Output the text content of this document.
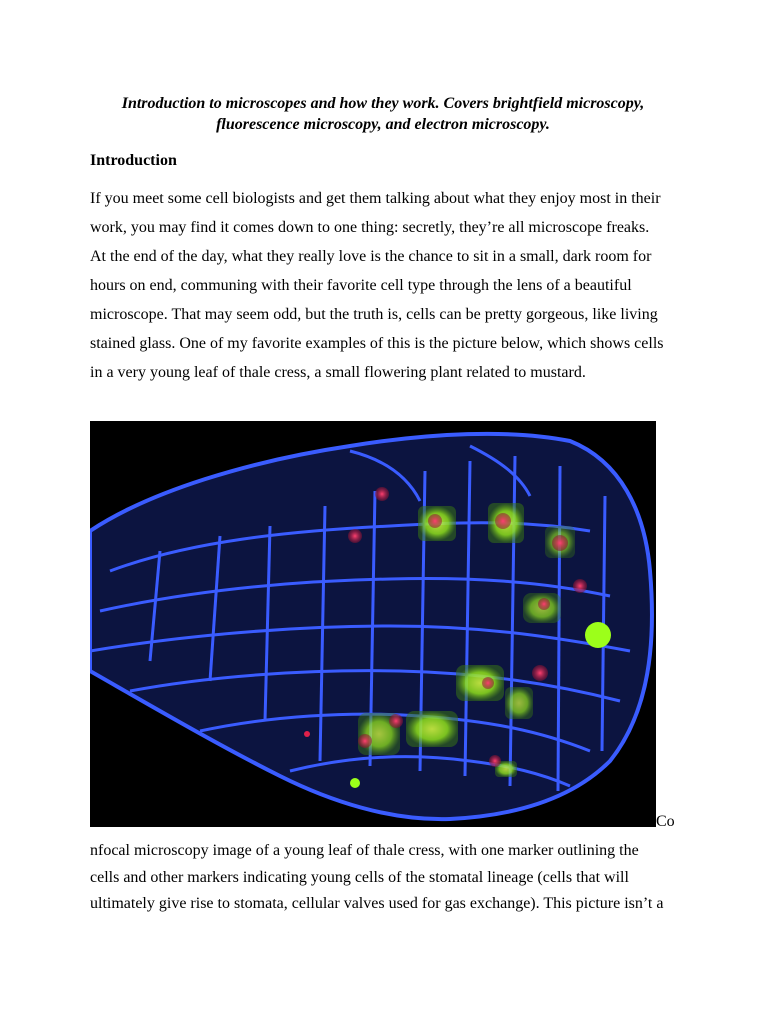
Introduction to microscopes and how they work. Covers brightfield microscopy, fluorescence microscopy, and electron microscopy.

Introduction

If you meet some cell biologists and get them talking about what they enjoy most in their
work, you may find it comes down to one thing: secretly, they’re all microscope freaks.
At the end of the day, what they really love is the chance to sit in a small, dark room for
hours on end, communing with their favorite cell type through the lens of a beautiful
microscope. That may seem odd, but the truth is, cells can be pretty gorgeous, like living
stained glass. One of my favorite examples of this is the picture below, which shows cells
in a very young leaf of thale cress, a small flowering plant related to mustard.

Co

nfocal microscopy image of a young leaf of thale cress, with one marker outlining the
cells and other markers indicating young cells of the stomatal lineage (cells that will
ultimately give rise to stomata, cellular valves used for gas exchange). This picture isn’t a
